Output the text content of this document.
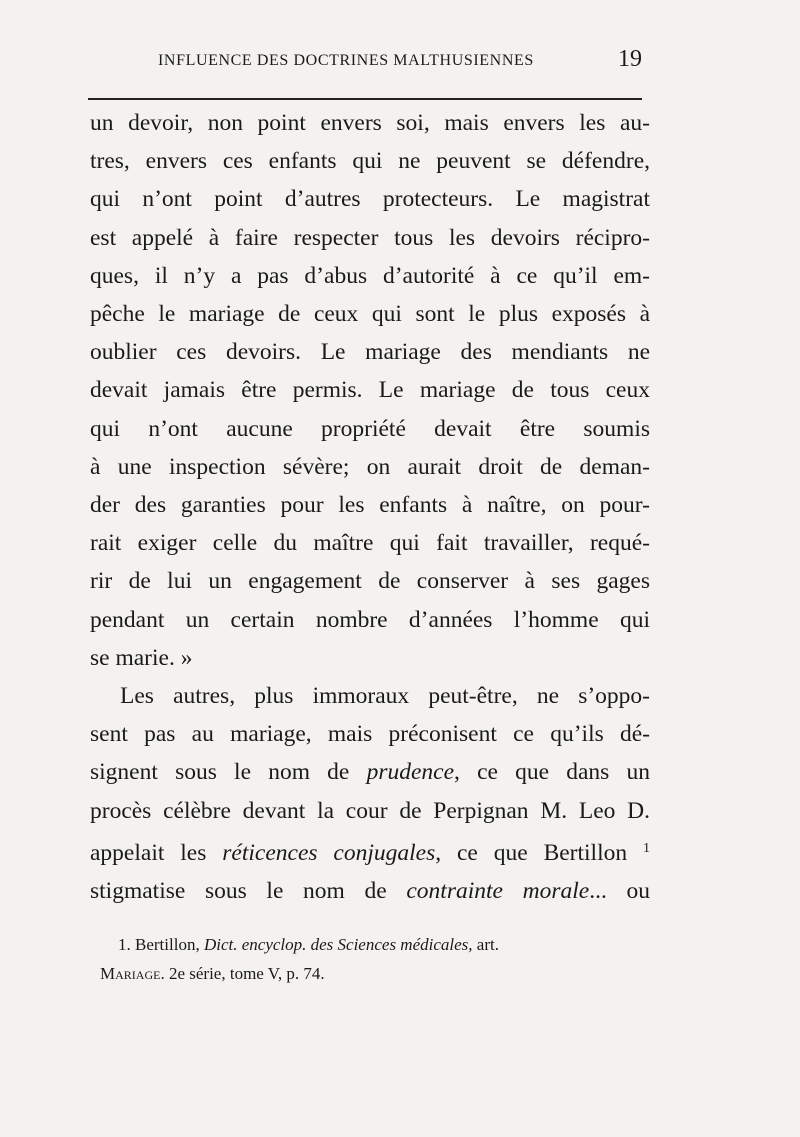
INFLUENCE DES DOCTRINES MALTHUSIENNES	19
un devoir, non point envers soi, mais envers les au-
tres, envers ces enfants qui ne peuvent se défendre,
qui n’ont point d’autres protecteurs. Le magistrat
est appelé à faire respecter tous les devoirs récipro-
ques, il n’y a pas d’abus d’autorité à ce qu’il em-
pêche le mariage de ceux qui sont le plus exposés à
oublier ces devoirs. Le mariage des mendiants ne
devait jamais être permis. Le mariage de tous ceux
qui n’ont aucune propriété devait être soumis
à une inspection sévère; on aurait droit de deman-
der des garanties pour les enfants à naître, on pour-
rait exiger celle du maître qui fait travailler, requé-
rir de lui un engagement de conserver à ses gages
pendant un certain nombre d’années l’homme qui
se marie. »
Les autres, plus immoraux peut-être, ne s’oppo-
sent pas au mariage, mais préconisent ce qu’ils dé-
signent sous le nom de prudence, ce que dans un
procès célèbre devant la cour de Perpignan M. Leo D.
appelait les réticences conjugales, ce que Bertillon $^1$
stigmatise sous le nom de contrainte morale... ou
1. Bertillon, Dict. encyclop. des Sciences médicales, art.
Mariage. 2e série, tome V, p. 74.
